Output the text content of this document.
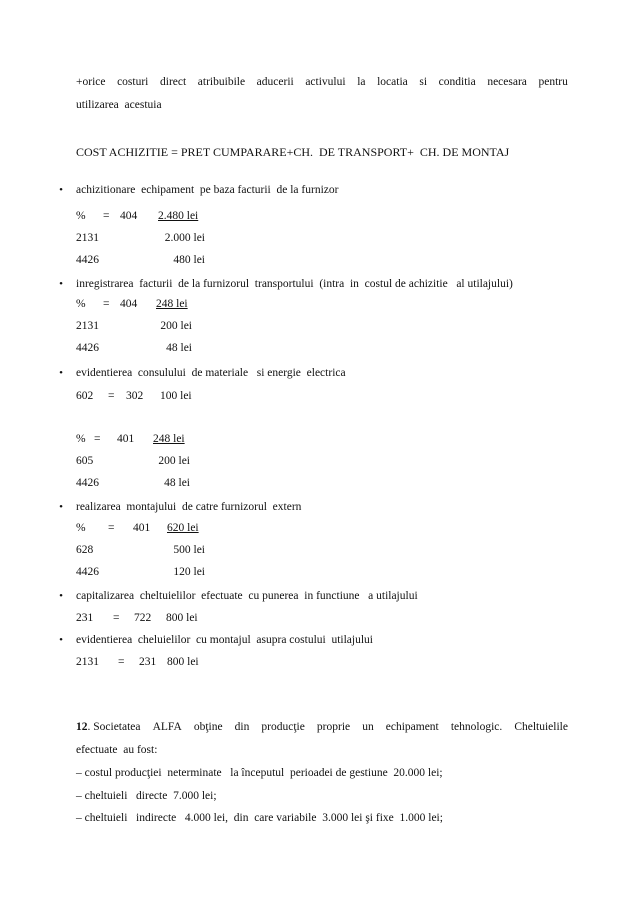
+orice costuri direct atribuibile aducerii activului la locatia si conditia necesara pentru
utilizarea  acestuia
COST ACHIZITIE = PRET CUMPARARE+CH.  DE TRANSPORT+  CH. DE MONTAJ
• achizitionare  echipament  pe baza facturii  de la furnizor
• inregistrarea  facturii  de la furnizorul  transportului  (intra  in  costul de achizitie   al utilajului)
• evidentierea  consulului  de materiale   si energie  electrica
• realizarea  montajului  de catre furnizorul  extern
• capitalizarea  cheltuielilor  efectuate  cu punerea  in functiune   a utilajului
• evidentierea  cheluielilor  cu montajul  asupra costului  utilajului
12. Societatea ALFA obţine din producţie proprie un echipament tehnologic. Cheltuielile
efectuate  au fost:
– costul producţiei  neterminate   la începutul  perioadei de gestiune  20.000 lei;
– cheltuieli   directe  7.000 lei;
– cheltuieli   indirecte   4.000 lei,  din  care variabile  3.000 lei şi fixe  1.000 lei;
% = 404 2.480 lei
2131	2.000 lei
4426	480 lei
% = 404 248 lei
2131	200 lei
4426	48 lei
% = 401 248 lei
605	200 lei
4426	48 lei
% = 401 620 lei
628	500 lei
4426	120 lei
602 = 302 100 lei
231 = 722 800 lei
2131 = 231 800 lei
